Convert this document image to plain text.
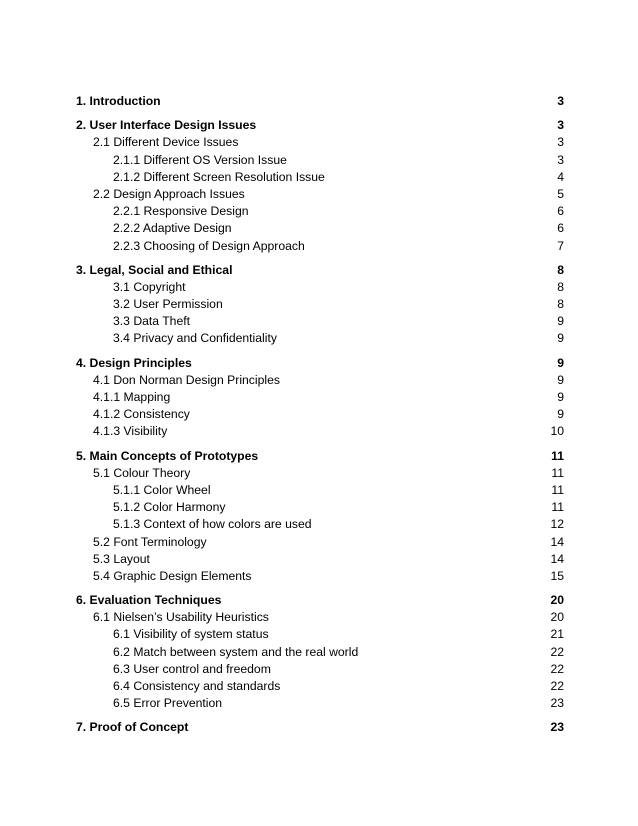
1. Introduction	3
2. User Interface Design Issues	3
2.1 Different Device Issues	3
2.1.1 Different OS Version Issue	3
2.1.2 Different Screen Resolution Issue	4
2.2 Design Approach Issues	5
2.2.1 Responsive Design	6
2.2.2 Adaptive Design	6
2.2.3 Choosing of Design Approach	7
3. Legal, Social and Ethical	8
3.1 Copyright	8
3.2 User Permission	8
3.3 Data Theft	9
3.4 Privacy and Confidentiality	9
4. Design Principles	9
4.1 Don Norman Design Principles	9
4.1.1 Mapping	9
4.1.2 Consistency	9
4.1.3 Visibility	10
5. Main Concepts of Prototypes	11
5.1 Colour Theory	11
5.1.1 Color Wheel	11
5.1.2 Color Harmony	11
5.1.3 Context of how colors are used	12
5.2 Font Terminology	14
5.3 Layout	14
5.4 Graphic Design Elements	15
6. Evaluation Techniques	20
6.1 Nielsen’s Usability Heuristics	20
6.1 Visibility of system status	21
6.2 Match between system and the real world	22
6.3 User control and freedom	22
6.4 Consistency and standards	22
6.5 Error Prevention	23
7. Proof of Concept	23
